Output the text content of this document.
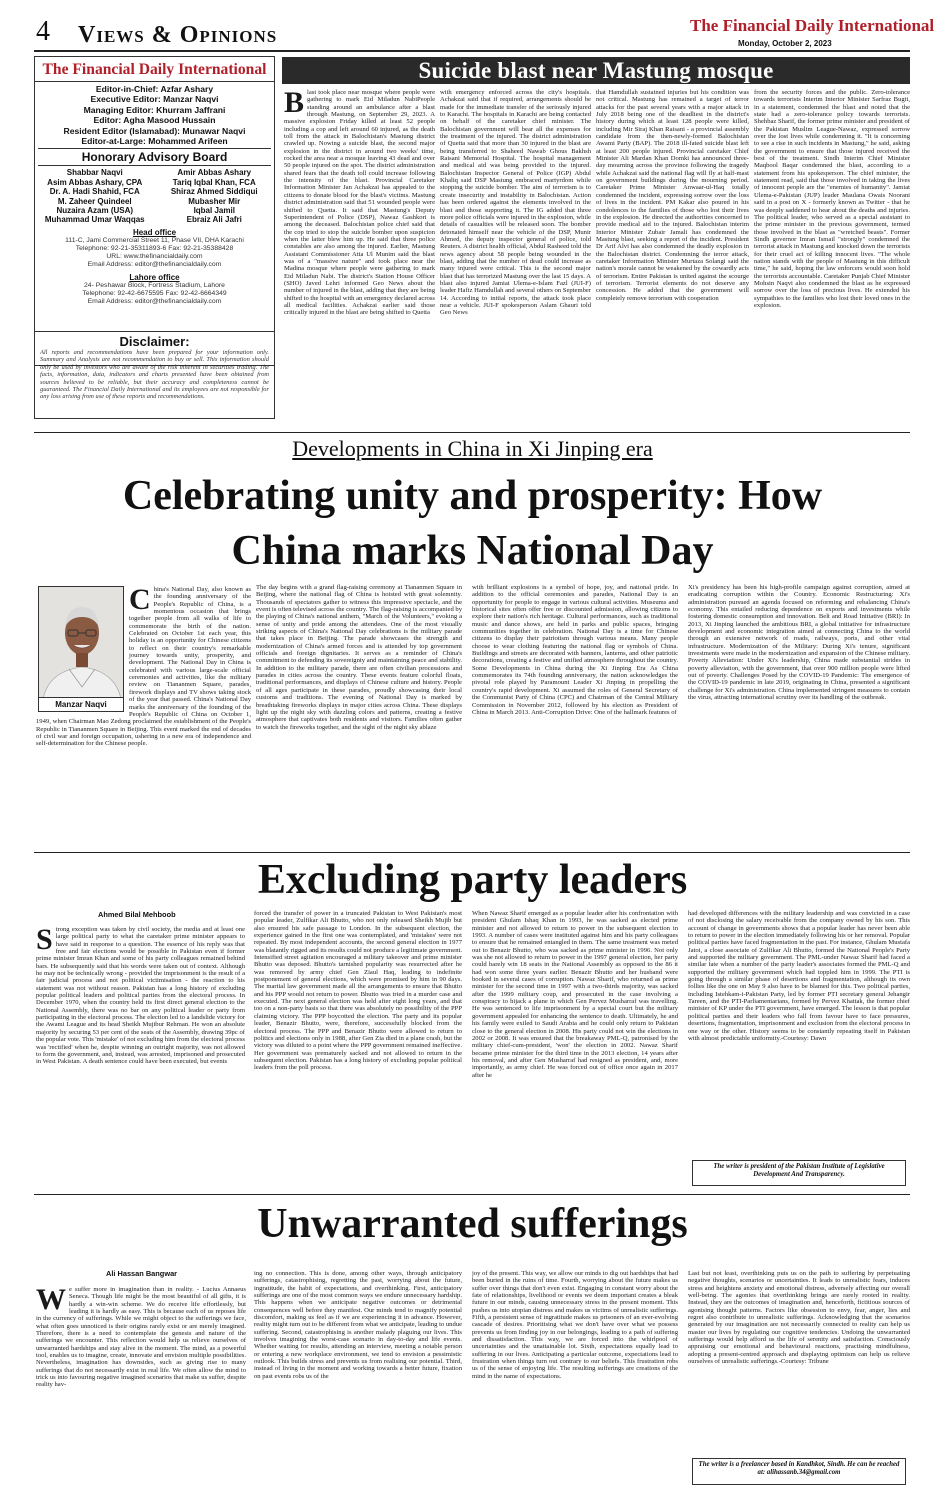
4 Views & Opinions	The Financial Daily International
Monday, October 2, 2023
The Financial Daily International
Editor-in-Chief: Azfar Ashary
Executive Editor: Manzar Naqvi
Managing Editor: Khurram Jaffrani
Editor: Agha Masood Hussain
Resident Editor (Islamabad): Munawar Naqvi
Editor-at-Large: Mohammed Arifeen
Honorary Advisory Board
Shabbar Naqvi
Asim Abbas Ashary, CPA
Dr. A. Hadi Shahid, FCA
M. Zaheer Quindeel
Nuzaira Azam (USA)
Muhammad Umar Waqqas
Amir Abbas Ashary
Tariq Iqbal Khan, FCA
Shiraz Ahmed Siddiqui
Mubasher Mir
Iqbal Jamil
Ebraiz Ali Jafri
Head office
111-C, Jami Commercial Street 11, Phase VII, DHA Karachi
Telephone: 92-21-35311893-6 Fax: 92-21-35388428
URL: www.thefinancialdaily.com
Email Address: editor@thefinancialdaily.com
Lahore office
24- Peshawar Block, Fortress Stadium, Lahore
Telephone: 92-42-6675595 Fax: 92-42-6664349
Email Address: editor@thefinancialdaily.com
Disclaimer:
All reports and recommendations have been prepared for your information only. Summary and Analysis are not recommendation to buy or sell. This information should only be used by investors who are aware of the risk inherent in securities trading. The facts, information, data, indicators and charts presented have been obtained from sources believed to be reliable, but their accuracy and completeness cannot be guaranteed. The Financial Daily International and its employees are not responsible for any loss arising from use of these reports and recommendations.
Suicide blast near Mastung mosque
Blast took place near mosque where people were gathering to mark Eid Miladun NabiPeople standing around an ambulance after a blast through Mastung, on September 29, 2023. A massive explosion Friday killed at least 52 people including a cop and left around 60 injured, as the death toll from the attack in Balochistan's Mastung district crawled up. Nowing a suicide blast, the second major explosion in the district in around two weeks' time, rocked the area near a mosque leaving 43 dead and over 50 people injured on the spot. The district administration shared fears that the death toll could increase following the intensity of the blast. Provincial Caretaker Information Minister Jan Achakzai has appealed to the citizens to donate blood for the blast's victims. Mastung district administration said that 51 wounded people were shifted to Quetta. It said that Mastung's Deputy Superintendent of Police (DSP), Nawaz Gashkori is among the deceased. Balochistan police chief said that the cop tried to stop the suicide bomber upon suspicion when the latter blew him up. He said that three police constables are also among the injured. Earlier, Mastung Assistant Commissioner Atta Ul Munim said the blast was of a "massive nature" and took place near the Madina mosque where people were gathering to mark Eid Miladun Nabi. The district's Station House Officer (SHO) Javed Lehri informed Geo News about the number of injured in the blast, adding that they are being shifted to the hospital with an emergency declared across all medical facilities. Achakzai earlier said those critically injured in the blast are being shifted to Quetta
with emergency enforced across the city's hospitals. Achakzai said that if required, arrangements should be made for the immediate transfer of the seriously injured to Karachi. The hospitals in Karachi are being contacted on behalf of the caretaker chief minister. The Balochistan government will bear all the expenses for the treatment of the injured. The district administration of Quetta said that more than 30 injured in the blast are being transferred to Shaheed Nawab Ghous Bakhsh Raisani Memorial Hospital. The hospital management and medical aid was being provided to the injured. Balochistan Inspector General of Police (IGP) Abdul Khaliq said DSP Mastung embraced martyrdom while stopping the suicide bomber. The aim of terrorism is to create insecurity and instability in Balochistan. Action has been ordered against the elements involved in the blast and those supporting it. The IG added that three more police officials were injured in the explosion, while details of casualties will be released soon. The bomber detonated himself near the vehicle of the DSP, Munir Ahmed, the deputy inspector general of police, told Reuters. A district health official, Abdul Rasheed told the news agency about 58 people being wounded in the blast, adding that the number of dead could increase as many injured were critical. This is the second major blast that has terrorized Mastung over the last 15 days. A blast also injured Jamiat Ulema-e-Islam Fazl (JUI-F) leader Hafiz Hamdullah and several others on September 14. According to initial reports, the attack took place near a vehicle. JUI-F spokesperson Aslam Ghauri told Geo News
that Hamdullah sustained injuries but his condition was not critical. Mastung has remained a target of terror attacks for the past several years with a major attack in July 2018 being one of the deadliest in the district's history during which at least 128 people were killed, including Mir Siraj Khan Raisani - a provincial assembly candidate from the then-newly-formed Balochistan Awami Party (BAP). The 2018 ill-fated suicide blast left at least 200 people injured. Provincial caretaker Chief Minister Ali Mardan Khan Domki has announced three-day mourning across the province following the tragedy while Achakzai said the national flag will fly at half-mast on government buildings during the mourning period. Caretaker Prime Minister Anwaar-ul-Haq totally condemned the incident, expressing sorrow over the loss of lives in the incident. PM Kakar also poured in his condolences to the families of those who lost their lives in the explosion. He directed the authorities concerned to provide medical aid to the injured. Balochistan interim Interior Minister Zubair Jamali has condemned the Mastung blast, seeking a report of the incident. President Dr Arif Alvi has also condemned the deadly explosion in the Balochistan district. Condemning the terror attack, caretaker Information Minister Murtaza Solangi said the nation's morale cannot be weakened by the cowardly acts of terrorism. Entire Pakistan is united against the scourge of terrorism. Terrorist elements do not deserve any concession. He added that the government will completely remove terrorism with cooperation
from the security forces and the public. Zero-tolerance towards terrorists Interim Interior Minister Sarfraz Bugti, in a statement, condemned the blast and noted that the state had a zero-tolerance policy towards terrorists. Shehbaz Sharif, the former prime minister and president of the Pakistan Muslim League-Nawaz, expressed sorrow over the lost lives while condemning it. "It is concerning to see a rise in such incidents in Mastung," he said, asking the government to ensure that those injured received the best of the treatment. Sindh Interim Chief Minister Maqbool Baqar condemned the blast, according to a statement from his spokesperson. The chief minister, the statement read, said that those involved in taking the lives of innocent people are the "enemies of humanity". Jamiat Ulema-e-Pakistan (JUP) leader Maulana Owais Noorani said in a post on X - formerly known as Twitter - that he was deeply saddened to hear about the deaths and injuries. The political leader, who served as a special assistant to the prime minister in the previous government, termed those involved in the blast as "wretched beasts". Former Sindh governor Imran Ismail "strongly" condemned the terrorist attack in Mastung and knocked down the terrorists for their cruel act of killing innocent lives. "The whole nation stands with the people of Mastung in this difficult time," he said, hoping the law enforcers would soon hold the terrorists accountable. Caretaker Punjab Chief Minister Mohsin Naqvi also condemned the blast as he expressed sorrow over the loss of precious lives. He extended his sympathies to the families who lost their loved ones in the explosion.
Developments in China in Xi Jinping era
Celebrating unity and prosperity: How
China marks National Day
Manzar Naqvi
China's National Day, also known as the founding anniversary of the People's Republic of China, is a momentous occasion that brings together people from all walks of life to commemorate the birth of the nation. Celebrated on October 1st each year, this holiday is an opportunity for Chinese citizens to reflect on their country's remarkable journey towards unity, prosperity, and development. The National Day in China is celebrated with various large-scale official ceremonies and activities, like the military review on Tiananmen Square, parades, firework displays and TV shows taking stock of the year that passed. China's National Day marks the anniversary of the founding of the People's Republic of China on October 1, 1949, when Chairman Mao Zedong proclaimed the establishment of the People's Republic in Tiananmen Square in Beijing. This event marked the end of decades of civil war and foreign occupation, ushering in a new era of independence and self-determination for the Chinese people.
The day begins with a grand flag-raising ceremony at Tiananmen Square in Beijing, where the national flag of China is hoisted with great solemnity. Thousands of spectators gather to witness this impressive spectacle, and the event is often televised across the country. The flag-raising is accompanied by the playing of China's national anthem, "March of the Volunteers," evoking a sense of unity and pride among the attendees. One of the most visually striking aspects of China's National Day celebrations is the military parade that takes place in Beijing. The parade showcases the strength and modernization of China's armed forces and is attended by top government officials and foreign dignitaries. It serves as a reminder of China's commitment to defending its sovereignty and maintaining peace and stability. In addition to the military parade, there are often civilian processions and parades in cities across the country. These events feature colorful floats, traditional performances, and displays of Chinese culture and history. People of all ages participate in these parades, proudly showcasing their local customs and traditions. The evening of National Day is marked by breathtaking fireworks displays in major cities across China. These displays light up the night sky with dazzling colors and patterns, creating a festive atmosphere that captivates both residents and visitors. Families often gather to watch the fireworks together, and the sight of the night sky ablaze
with brilliant explosions is a symbol of hope, joy, and national pride. In addition to the official ceremonies and parades, National Day is an opportunity for people to engage in various cultural activities. Museums and historical sites often offer free or discounted admission, allowing citizens to explore their nation's rich heritage. Cultural performances, such as traditional music and dance shows, are held in parks and public spaces, bringing communities together in celebration. National Day is a time for Chinese citizens to display their patriotism through various means. Many people choose to wear clothing featuring the national flag or symbols of China. Buildings and streets are decorated with banners, lanterns, and other patriotic decorations, creating a festive and unified atmosphere throughout the country. Some Developments in China during the Xi Jinping Era As China commemorates its 74th founding anniversary, the nation acknowledges the pivotal role played by Paramount Leader Xi Jinping in propelling the country's rapid development. Xi assumed the roles of General Secretary of the Communist Party of China (CPC) and Chairman of the Central Military Commission in November 2012, followed by his election as President of China in March 2013. Anti-Corruption Drive: One of the hallmark features of
Xi's presidency has been his high-profile campaign against corruption, aimed at eradicating corruption within the Country. Economic Restructuring: Xi's administration pursued an agenda focused on reforming and rebalancing China's economy. This entailed reducing dependence on exports and investments while fostering domestic consumption and innovation. Belt and Road Initiative (BRI): In 2013, Xi Jinping launched the ambitious BRI, a global initiative for infrastructure development and economic integration aimed at connecting China to the world through an extensive network of roads, railways, ports, and other vital infrastructure. Modernization of the Military: During Xi's tenure, significant investments were made in the modernization and expansion of the Chinese military. Poverty Alleviation: Under Xi's leadership, China made substantial strides in poverty alleviation, with the government, that over 900 million people were lifted out of poverty. Challenges Posed by the COVID-19 Pandemic: The emergence of the COVID-19 pandemic in late 2019, originating in China, presented a significant challenge for Xi's administration. China implemented stringent measures to contain the virus, attracting international scrutiny over its handling of the outbreak.
Excluding party leaders
Ahmed Bilal Mehboob
Strong exception was taken by civil society, the media and at least one large political party to what the caretaker prime minister appears to have said in response to a question. The essence of his reply was that free and fair elections would be possible in Pakistan even if former prime minister Imran Khan and some of his party colleagues remained behind bars. He subsequently said that his words were taken out of context. Although he may not be technically wrong - provided the imprisonment is the result of a fair judicial process and not political victimisation - the reaction to his statement was not without reason. Pakistan has a long history of excluding popular political leaders and political parties from the electoral process. In December 1970, when the country held its first direct general election to the National Assembly, there was no bar on any political leader or party from participating in the electoral process. The election led to a landslide victory for the Awami League and its head Sheikh Mujibur Rehman. He won an absolute majority by securing 53 per cent of the seats of the Assembly, drawing 39pc of the popular vote. This 'mistake' of not excluding him from the electoral process was 'rectified' when he, despite winning an outright majority, was not allowed to form the government, and, instead, was arrested, imprisoned and prosecuted in West Pakistan. A death sentence could have been executed, but events
forced the transfer of power in a truncated Pakistan to West Pakistan's most popular leader, Zulfikar Ali Bhutto, who not only released Sheikh Mujib but also ensured his safe passage to London. In the subsequent election, the experience gained in the first one was contemplated, and 'mistakes' were not repeated. By most independent accounts, the second general election in 1977 was blatantly rigged and its results could not produce a legitimate government. Intensified street agitation encouraged a military takeover and prime minister Bhutto was deposed. Bhutto's tarnished popularity was resurrected after he was removed by army chief Gen Ziaul Haq, leading to indefinite postponement of general elections, which were promised by him in 90 days. The martial law government made all the arrangements to ensure that Bhutto and his PPP would not return to power. Bhutto was tried in a murder case and executed. The next general election was held after eight long years, and that too on a non-party basis so that there was absolutely no possibility of the PPP claiming victory. The PPP boycotted the election. The party and its popular leader, Benazir Bhutto, were, therefore, successfully blocked from the electoral process. The PPP and Benazir Bhutto were allowed to return to politics and elections only in 1988, after Gen Zia died in a plane crash, but the victory was diluted to a point where the PPP government remained ineffective. Her government was prematurely sacked and not allowed to return in the subsequent election. Pakistan has a long history of excluding popular political leaders from the poll process.
When Nawaz Sharif emerged as a popular leader after his confrontation with president Ghulam Ishaq Khan in 1993, he was sacked as elected prime minister and not allowed to return to power in the subsequent election in 1993. A number of cases were instituted against him and his party colleagues to ensure that he remained entangled in them. The same treatment was meted out to Benazir Bhutto, who was sacked as prime minister in 1996. Not only was she not allowed to return to power in the 1997 general election, her party could barely win 18 seats in the National Assembly as opposed to the 86 it had won some three years earlier. Benazir Bhutto and her husband were booked in several cases of corruption. Nawaz Sharif, who returned as prime minister for the second time in 1997 with a two-thirds majority, was sacked after the 1999 military coup, and prosecuted in the case involving a conspiracy to hijack a plane in which Gen Pervez Musharraf was travelling. He was sentenced to life imprisonment by a special court but the military government appealed for enhancing the sentence to death. Ultimately, he and his family were exiled to Saudi Arabia and he could only return to Pakistan close to the general election in 2008. His party could not win the elections in 2002 or 2008. It was ensured that the breakaway PML-Q, patronised by the military chief-cum-president, 'won' the election in 2002. Nawaz Sharif became prime minister for the third time in the 2013 election, 14 years after his removal, and after Gen Musharraf had resigned as president, and, more importantly, as army chief. He was forced out of office once again in 2017 after he
had developed differences with the military leadership and was convicted in a case of not disclosing the salary receivable from the company owned by his son. This account of change in governments shows that a popular leader has never been able to return to power in the election immediately following his or her removal. Popular political parties have faced fragmentation in the past. For instance, Ghulam Mustafa Jatoi, a close associate of Zulfikar Ali Bhutto, formed the National People's Party and supported the military government. The PML-under Nawaz Sharif had faced a similar fate when a number of the party leader's associates formed the PML-Q and supported the military government which had toppled him in 1999. The PTI is going through a similar phase of desertions and fragmentation, although its own follies like the one on May 9 also have to be blamed for this. Two political parties, including Istehkam-i-Pakistan Party, led by former PTI secretary general Jehangir Tareen, and the PTI-Parliamentarians, formed by Pervez Khattak, the former chief minister of KP under the PTI government, have emerged. The lesson is that popular political parties and their leaders who fall from favour have to face pressures, desertions, fragmentation, imprisonment and exclusion from the electoral process in one way or the other. History seems to be constantly repeating itself in Pakistan with almost predictable uniformity.-Courtesy: Dawn
The writer is president of the Pakistan Institute of Legislative Development And Transparency.
Unwarranted sufferings
Ali Hassan Bangwar
We suffer more in imagination than in reality. - Lucius Annaeus Seneca. Though life might be the most beautiful of all gifts, it is hardly a win-win scheme. We do receive life effortlessly, but leading it is hardly as easy. This is because each of us reposes life in the currency of sufferings. While we might object to the sufferings we face, what often goes unnoticed is their origins rarely exist or are merely imagined. Therefore, there is a need to contemplate the genesis and nature of the sufferings we encounter. This reflection would help us relieve ourselves of unwarranted hardships and stay alive in the moment. The mind, as a powerful tool, enables us to imagine, create, innovate and envision multiple possibilities. Nevertheless, imagination has downsides, such as giving rise to many sufferings that do not necessarily exist in real life. We often allow the mind to trick us into favouring negative imagined scenarios that make us suffer, despite reality hav-
ing no connection. This is done, among other ways, through anticipatory sufferings, catastrophising, regretting the past, worrying about the future, ingratitude, the habit of expectations, and overthinking. First, anticipatory sufferings are one of the most common ways we endure unnecessary hardship. This happens when we anticipate negative outcomes or detrimental consequences well before they manifest. Our minds tend to magnify potential discomfort, making us feel as if we are experiencing it in advance. However, reality might turn out to be different from what we anticipate, leading to undue suffering. Second, catastrophising is another malady plaguing our lives. This involves imagining the worst-case scenario in day-to-day and life events. Whether waiting for results, attending an interview, meeting a notable person or entering a new workplace environment, we tend to envision a pessimistic outlook. This builds stress and prevents us from realising our potential. Third, instead of living in the moment and working towards a better future, fixation on past events robs us of the
joy of the present. This way, we allow our minds to dig out hardships that had been buried in the ruins of time. Fourth, worrying about the future makes us suffer over things that don't even exist. Engaging in constant worry about the fate of relationships, livelihood or events we deem important creates a bleak future in our minds, causing unnecessary stress in the present moment. This pushes us into utopian distress and makes us victims of unrealistic sufferings. Fifth, a persistent sense of ingratitude makes us prisoners of an ever-evolving cascade of desires. Prioritising what we don't have over what we possess prevents us from finding joy in our belongings, leading to a path of suffering and dissatisfaction. This way, we are forced into the whirlpool of uncertainties and the unattainable lot. Sixth, expectations equally lead to suffering in our lives. Anticipating a particular outcome, expectations lead to frustration when things turn out contrary to our beliefs. This frustration robs us of the sense of enjoying life. The resulting sufferings are creations of the mind in the name of expectations.
Last but not least, overthinking puts us on the path to suffering by perpetuating negative thoughts, scenarios or uncertainties. It leads to unrealistic fears, induces stress and heightens anxiety and emotional distress, adversely affecting our overall well-being. The agonies that overthinking brings are rarely rooted in reality. Instead, they are the outcomes of imagination and, henceforth, fictitious sources of agonising thought patterns. Factors like obsession to envy, fear, anger, lies and regret also contribute to unrealistic sufferings. Acknowledging that the scenarios generated by our imagination are not necessarily connected to reality can help us master our lives by regulating our cognitive tendencies. Undoing the unwarranted sufferings would help afford us the life of serenity and satisfaction. Consciously appraising our emotional and behavioural reactions, practising mindfulness, adopting a present-centred approach and displaying optimism can help us relieve ourselves of unrealistic sufferings.-Courtesy: Tribune
The writer is a freelancer based in Kandhkot, Sindh. He can be reached at: alihassanb.34@gmail.com
